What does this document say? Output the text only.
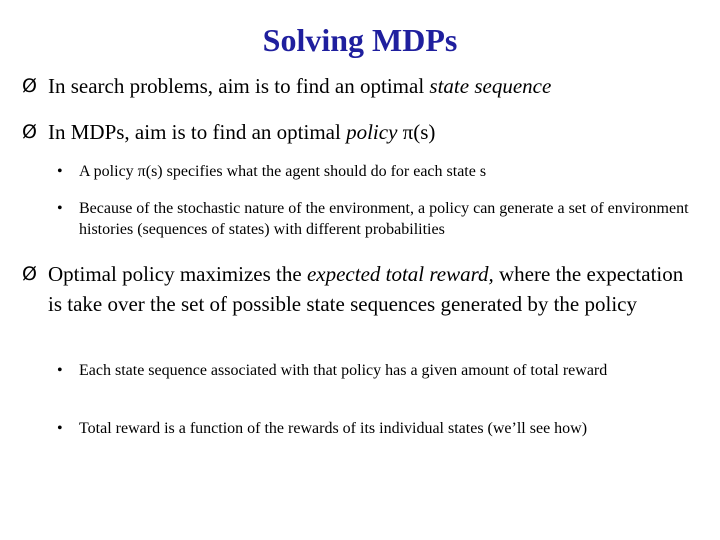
Solving MDPs
Ø In search problems, aim is to find an optimal state sequence
Ø In MDPs, aim is to find an optimal policy π(s)
• A policy π(s) specifies what the agent should do for each state s
• Because of the stochastic nature of the environment, a policy can generate a set of environment histories (sequences of states) with different probabilities
Ø Optimal policy maximizes the expected total reward, where the expectation is take over the set of possible state sequences generated by the policy
• Each state sequence associated with that policy has a given amount of total reward
• Total reward is a function of the rewards of its individual states (we’ll see how)
